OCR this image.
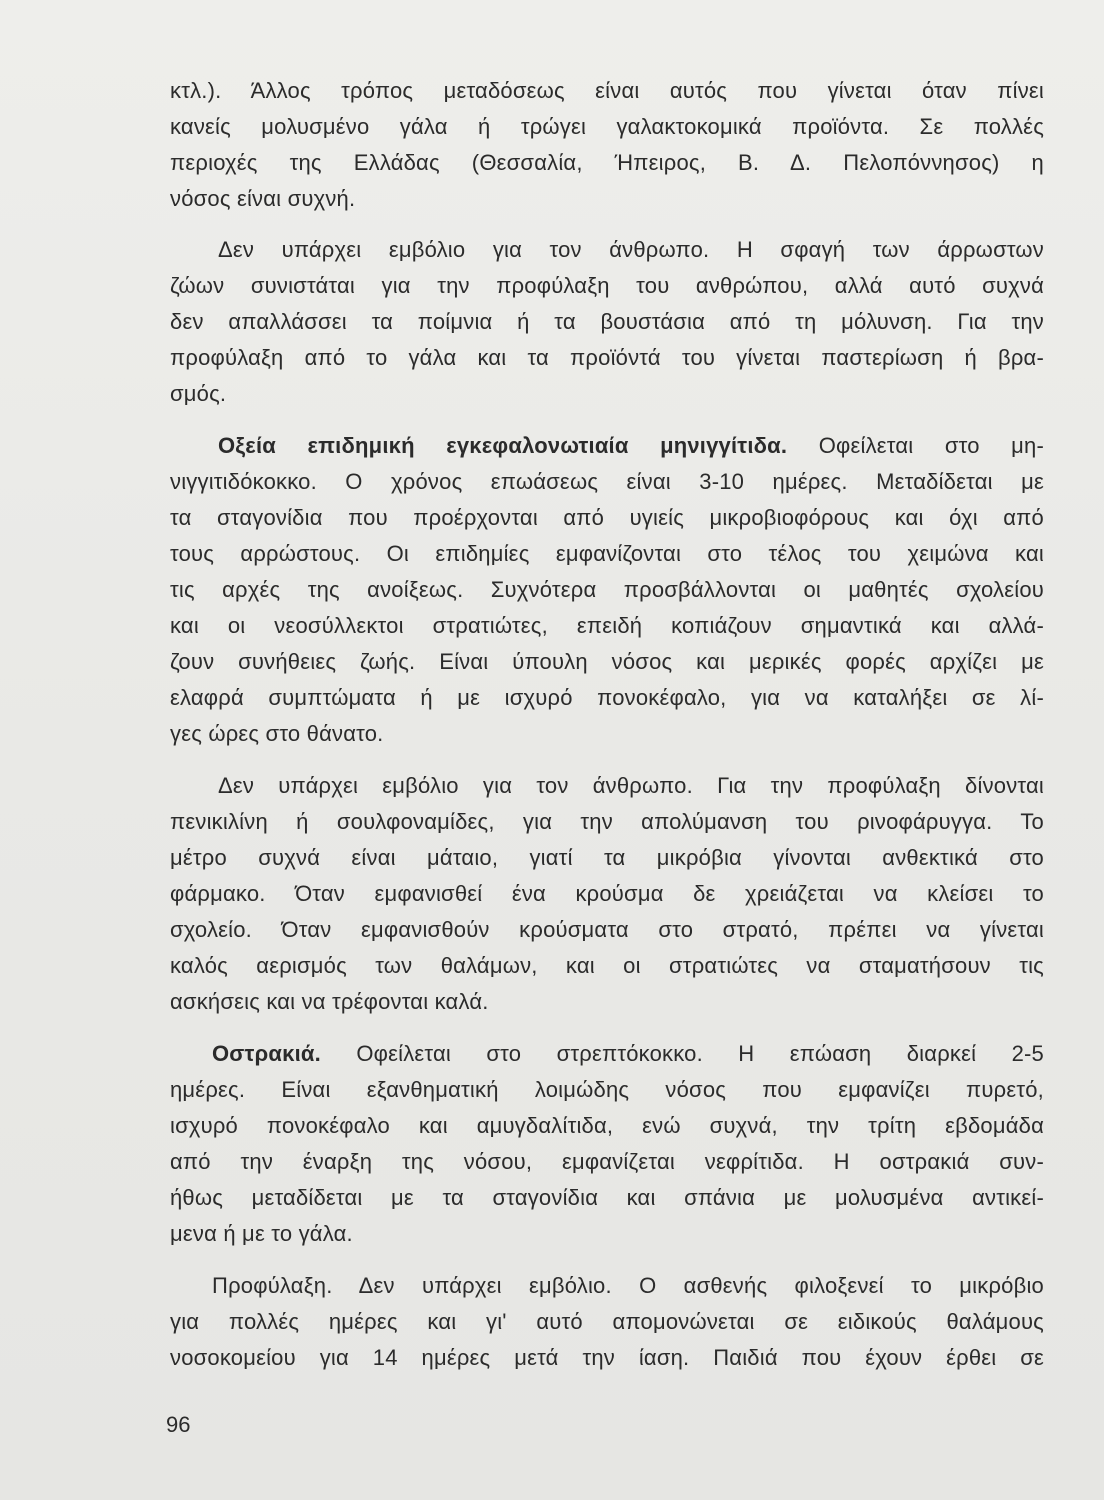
κτλ.). Άλλος τρόπος μεταδόσεως είναι αυτός που γίνεται όταν πίνει
κανείς μολυσμένο γάλα ή τρώγει γαλακτοκομικά προϊόντα. Σε πολλές
περιοχές της Ελλάδας (Θεσσαλία, Ήπειρος, Β. Δ. Πελοπόννησος) η
νόσος είναι συχνή.
Δεν υπάρχει εμβόλιο για τον άνθρωπο. Η σφαγή των άρρωστων
ζώων συνιστάται για την προφύλαξη του ανθρώπου, αλλά αυτό συχνά
δεν απαλλάσσει τα ποίμνια ή τα βουστάσια από τη μόλυνση. Για την
προφύλαξη από το γάλα και τα προϊόντά του γίνεται παστερίωση ή βρα-
σμός.
Οξεία επιδημική εγκεφαλονωτιαία μηνιγγίτιδα. Οφείλεται στο μη-
νιγγιτιδόκοκκο. Ο χρόνος επωάσεως είναι 3-10 ημέρες. Μεταδίδεται με
τα σταγονίδια που προέρχονται από υγιείς μικροβιοφόρους και όχι από
τους αρρώστους. Οι επιδημίες εμφανίζονται στο τέλος του χειμώνα και
τις αρχές της ανοίξεως. Συχνότερα προσβάλλονται οι μαθητές σχολείου
και οι νεοσύλλεκτοι στρατιώτες, επειδή κοπιάζουν σημαντικά και αλλά-
ζουν συνήθειες ζωής. Είναι ύπουλη νόσος και μερικές φορές αρχίζει με
ελαφρά συμπτώματα ή με ισχυρό πονοκέφαλο, για να καταλήξει σε λί-
γες ώρες στο θάνατο.
Δεν υπάρχει εμβόλιο για τον άνθρωπο. Για την προφύλαξη δίνονται
πενικιλίνη ή σουλφοναμίδες, για την απολύμανση του ρινοφάρυγγα. Το
μέτρο συχνά είναι μάταιο, γιατί τα μικρόβια γίνονται ανθεκτικά στο
φάρμακο. Όταν εμφανισθεί ένα κρούσμα δε χρειάζεται να κλείσει το
σχολείο. Όταν εμφανισθούν κρούσματα στο στρατό, πρέπει να γίνεται
καλός αερισμός των θαλάμων, και οι στρατιώτες να σταματήσουν τις
ασκήσεις και να τρέφονται καλά.
Οστρακιά. Οφείλεται στο στρεπτόκοκκο. Η επώαση διαρκεί 2-5
ημέρες. Είναι εξανθηματική λοιμώδης νόσος που εμφανίζει πυρετό,
ισχυρό πονοκέφαλο και αμυγδαλίτιδα, ενώ συχνά, την τρίτη εβδομάδα
από την έναρξη της νόσου, εμφανίζεται νεφρίτιδα. Η οστρακιά συν-
ήθως μεταδίδεται με τα σταγονίδια και σπάνια με μολυσμένα αντικεί-
μενα ή με το γάλα.
Προφύλαξη. Δεν υπάρχει εμβόλιο. Ο ασθενής φιλοξενεί το μικρόβιο
για πολλές ημέρες και γι' αυτό απομονώνεται σε ειδικούς θαλάμους
νοσοκομείου για 14 ημέρες μετά την ίαση. Παιδιά που έχουν έρθει σε
96
